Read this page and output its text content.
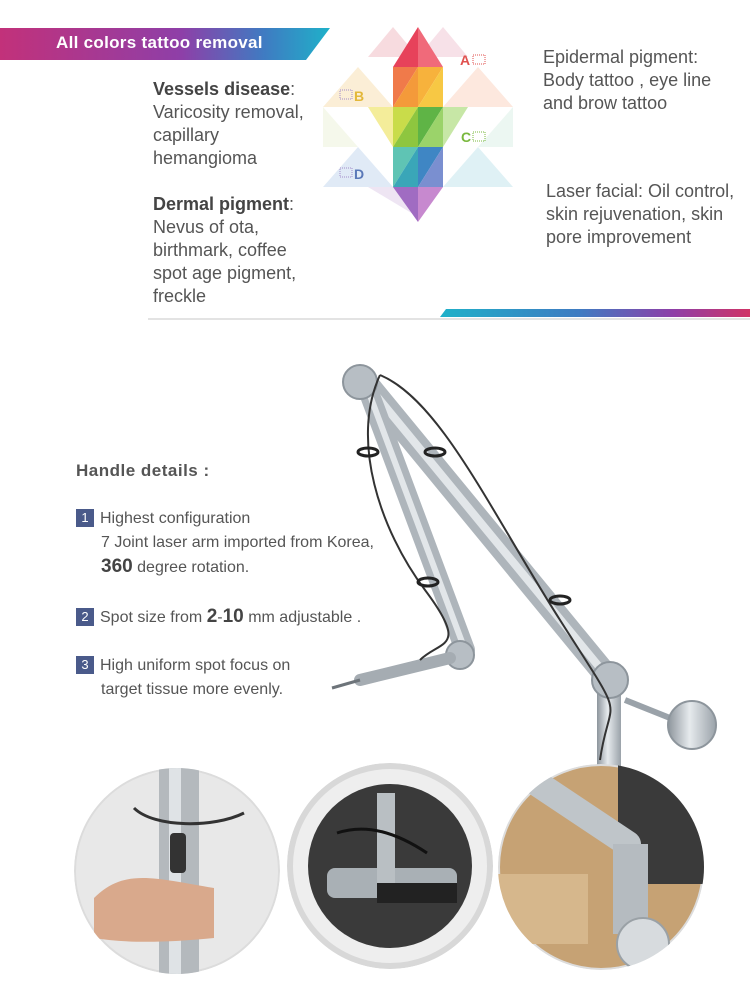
All colors tattoo removal
Vessels disease:
Varicosity removal, capillary hemangioma
Dermal pigment:
Nevus of ota, birthmark, coffee spot age pigment, freckle
Epidermal pigment: Body tattoo , eye line and brow tattoo
Laser facial: Oil control, skin rejuvenation, skin pore improvement
A
B
C
D
Handle details :
1 Highest configuration

7 Joint laser arm imported from Korea,
360 degree rotation.
2 Spot size from 2-10 mm adjustable .
3 High uniform spot focus on

target tissue more evenly.
